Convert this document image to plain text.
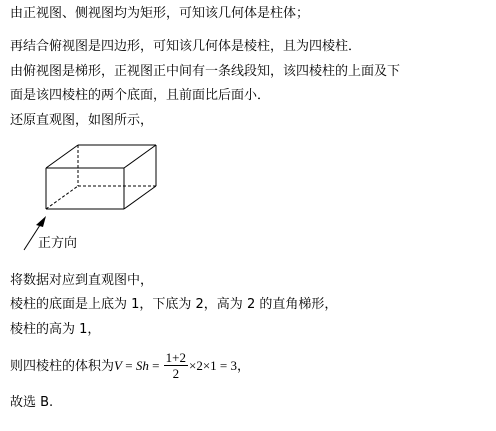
由正视图、侧视图均为矩形，可知该几何体是柱体；
再结合俯视图是四边形，可知该几何体是棱柱，且为四棱柱．
由俯视图是梯形，正视图正中间有一条线段知，该四棱柱的上面及下
面是该四棱柱的两个底面，且前面比后面小．
还原直观图，如图所示，
正方向
将数据对应到直观图中，
棱柱的底面是上底为 1，下底为 2，高为 2 的直角梯形，
棱柱的高为 1，
则四棱柱的体积为$V = Sh = \frac{1+2}{2} \times 2\times 1 = 3$，
故选 B.
